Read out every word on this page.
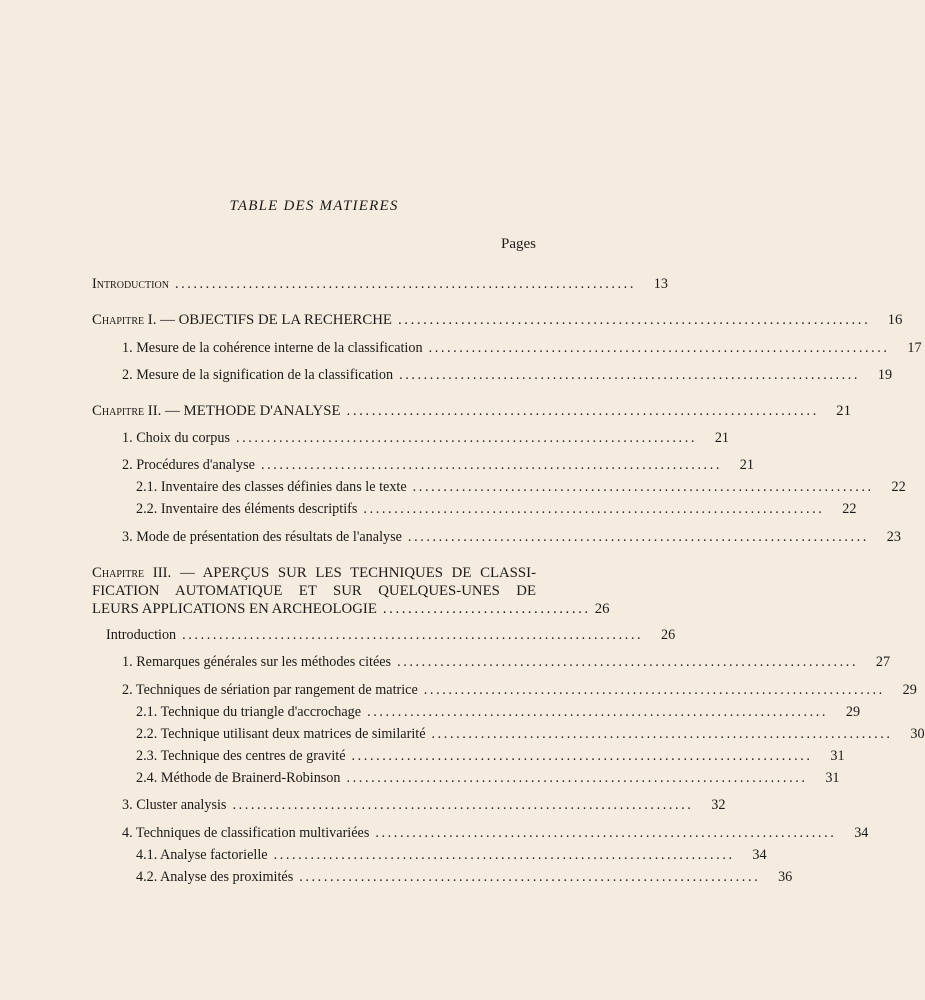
TABLE DES MATIERES
Pages
Introduction ...........................................................................	13
Chapitre I. — OBJECTIFS DE LA RECHERCHE ...........................................................................	16
1. Mesure de la cohérence interne de la classification ...........................................................................	17
2. Mesure de la signification de la classification ...........................................................................	19
Chapitre II. — METHODE D'ANALYSE ...........................................................................	21
1. Choix du corpus ...........................................................................	21
2. Procédures d'analyse ...........................................................................	21
2.1. Inventaire des classes définies dans le texte ...........................................................................	22
2.2. Inventaire des éléments descriptifs ...........................................................................	22
3. Mode de présentation des résultats de l'analyse ...........................................................................	23
Chapitre III. — APERÇUS SUR LES TECHNIQUES DE CLASSI-
FICATION AUTOMATIQUE ET SUR QUELQUES-UNES DE
LEURS APPLICATIONS EN ARCHEOLOGIE ................................. 26
Introduction ...........................................................................	26
1. Remarques générales sur les méthodes citées ...........................................................................	27
2. Techniques de sériation par rangement de matrice ...........................................................................	29
2.1. Technique du triangle d'accrochage ...........................................................................	29
2.2. Technique utilisant deux matrices de similarité ...........................................................................	30
2.3. Technique des centres de gravité ...........................................................................	31
2.4. Méthode de Brainerd-Robinson ...........................................................................	31
3. Cluster analysis ...........................................................................	32
4. Techniques de classification multivariées ...........................................................................	34
4.1. Analyse factorielle ...........................................................................	34
4.2. Analyse des proximités ...........................................................................	36
